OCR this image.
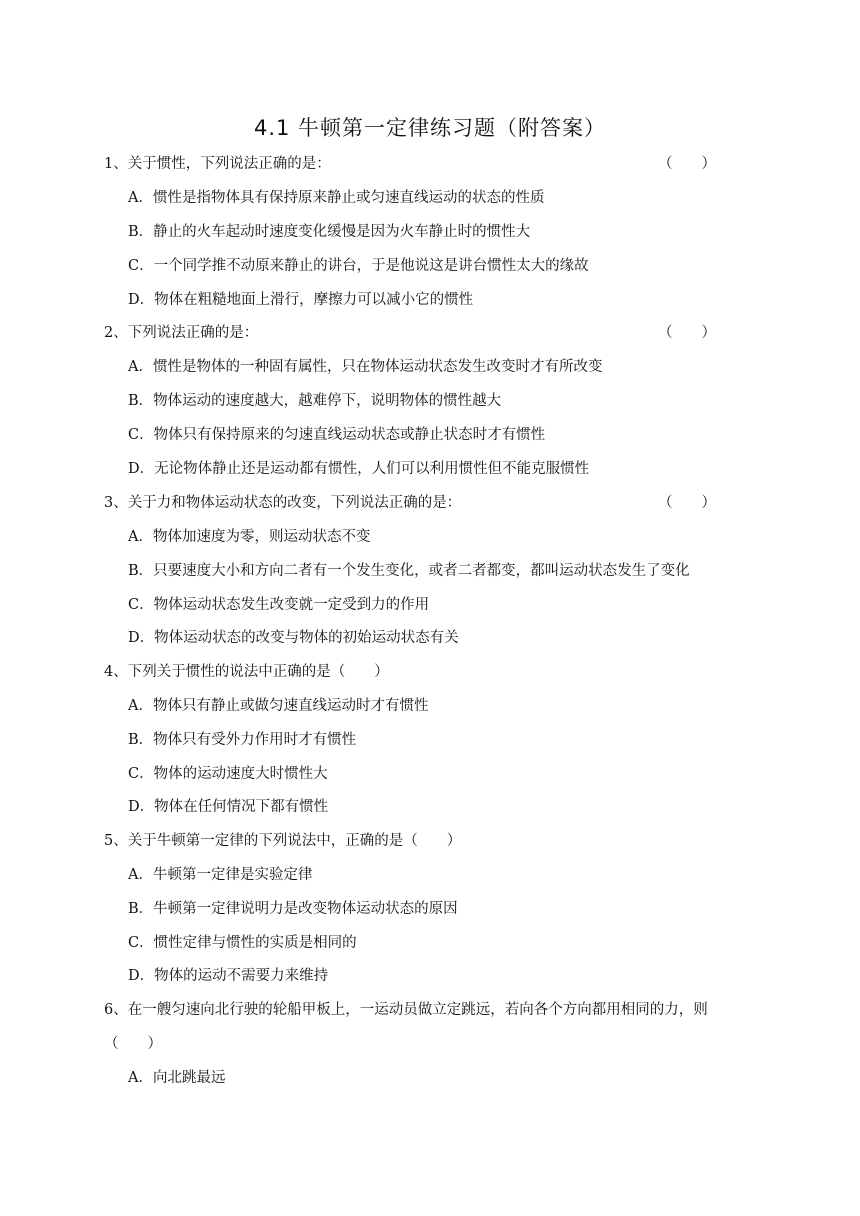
4.1 牛顿第一定律练习题（附答案）
1、关于惯性，下列说法正确的是：	（　　）
A．惯性是指物体具有保持原来静止或匀速直线运动的状态的性质
B．静止的火车起动时速度变化缓慢是因为火车静止时的惯性大
C．一个同学推不动原来静止的讲台，于是他说这是讲台惯性太大的缘故
D．物体在粗糙地面上滑行，摩擦力可以减小它的惯性
2、下列说法正确的是：	（　　）
A．惯性是物体的一种固有属性，只在物体运动状态发生改变时才有所改变
B．物体运动的速度越大，越难停下，说明物体的惯性越大
C．物体只有保持原来的匀速直线运动状态或静止状态时才有惯性
D．无论物体静止还是运动都有惯性，人们可以利用惯性但不能克服惯性
3、关于力和物体运动状态的改变，下列说法正确的是：	（　　）
A．物体加速度为零，则运动状态不变
B．只要速度大小和方向二者有一个发生变化，或者二者都变，都叫运动状态发生了变化
C．物体运动状态发生改变就一定受到力的作用
D．物体运动状态的改变与物体的初始运动状态有关
4、下列关于惯性的说法中正确的是（　　）
A．物体只有静止或做匀速直线运动时才有惯性
B．物体只有受外力作用时才有惯性
C．物体的运动速度大时惯性大
D．物体在任何情况下都有惯性
5、关于牛顿第一定律的下列说法中，正确的是（　　）
A．牛顿第一定律是实验定律
B．牛顿第一定律说明力是改变物体运动状态的原因
C．惯性定律与惯性的实质是相同的
D．物体的运动不需要力来维持
6、在一艘匀速向北行驶的轮船甲板上，一运动员做立定跳远，若向各个方向都用相同的力，则
（　　）
A．向北跳最远
